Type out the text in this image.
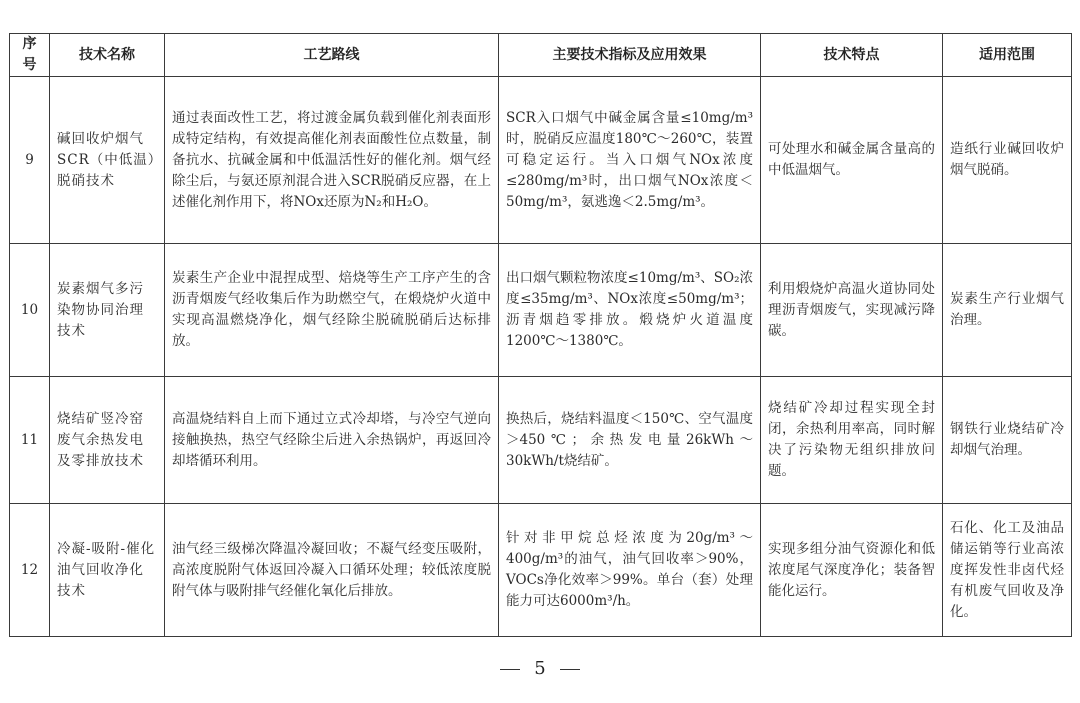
序号	技术名称	工艺路线	主要技术指标及应用效果	技术特点	适用范围
9	碱回收炉烟气SCR（中低温）脱硝技术	通过表面改性工艺，将过渡金属负载到催化剂表面形成特定结构，有效提高催化剂表面酸性位点数量，制备抗水、抗碱金属和中低温活性好的催化剂。烟气经除尘后，与氨还原剂混合进入SCR脱硝反应器，在上述催化剂作用下，将NOx还原为N₂和H₂O。	SCR入口烟气中碱金属含量≤10mg/m³时，脱硝反应温度180℃～260℃，装置可稳定运行。当入口烟气NOx浓度≤280mg/m³时，出口烟气NOx浓度＜50mg/m³，氨逃逸＜2.5mg/m³。	可处理水和碱金属含量高的中低温烟气。	造纸行业碱回收炉烟气脱硝。
10	炭素烟气多污染物协同治理技术	炭素生产企业中混捏成型、焙烧等生产工序产生的含沥青烟废气经收集后作为助燃空气，在煅烧炉火道中实现高温燃烧净化，烟气经除尘脱硫脱硝后达标排放。	出口烟气颗粒物浓度≤10mg/m³、SO₂浓度≤35mg/m³、NOx浓度≤50mg/m³；沥青烟趋零排放。煅烧炉火道温度1200℃～1380℃。	利用煅烧炉高温火道协同处理沥青烟废气，实现减污降碳。	炭素生产行业烟气治理。
11	烧结矿竖冷窑废气余热发电及零排放技术	高温烧结料自上而下通过立式冷却塔，与冷空气逆向接触换热，热空气经除尘后进入余热锅炉，再返回冷却塔循环利用。	换热后，烧结料温度＜150℃、空气温度＞450℃；余热发电量26kWh～30kWh/t烧结矿。	烧结矿冷却过程实现全封闭，余热利用率高，同时解决了污染物无组织排放问题。	钢铁行业烧结矿冷却烟气治理。
12	冷凝-吸附-催化油气回收净化技术	油气经三级梯次降温冷凝回收；不凝气经变压吸附，高浓度脱附气体返回冷凝入口循环处理；较低浓度脱附气体与吸附排气经催化氧化后排放。	针对非甲烷总烃浓度为20g/m³～400g/m³的油气，油气回收率＞90%，VOCs净化效率＞99%。单台（套）处理能力可达6000m³/h。	实现多组分油气资源化和低浓度尾气深度净化；装备智能化运行。	石化、化工及油品储运销等行业高浓度挥发性非卤代烃有机废气回收及净化。
5
